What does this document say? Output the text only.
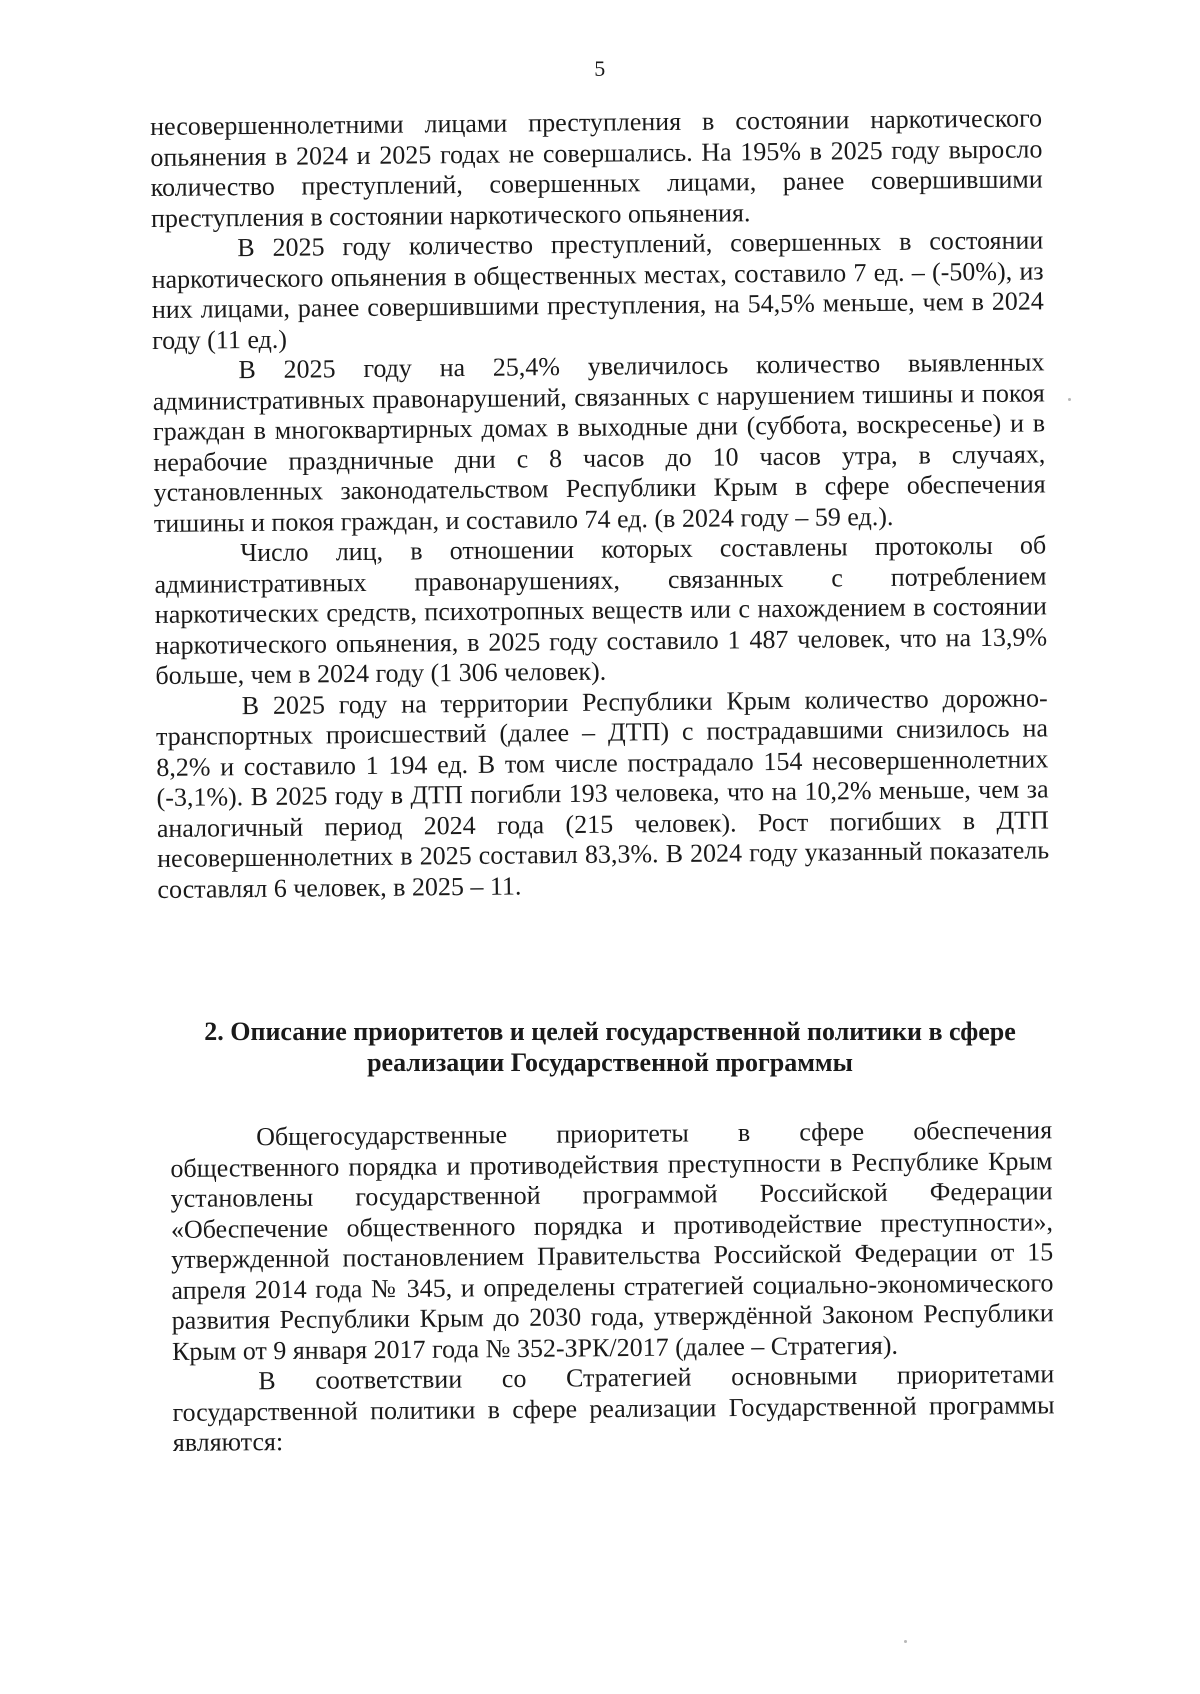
5

несовершеннолетними лицами преступления в состоянии наркотического опьянения в 2024 и 2025 годах не совершались. На 195% в 2025 году выросло количество преступлений, совершенных лицами, ранее совершившими преступления в состоянии наркотического опьянения.

В 2025 году количество преступлений, совершенных в состоянии наркотического опьянения в общественных местах, составило 7 ед. – (-50%), из них лицами, ранее совершившими преступления, на 54,5% меньше, чем в 2024 году (11 ед.)

В 2025 году на 25,4% увеличилось количество выявленных административных правонарушений, связанных с нарушением тишины и покоя граждан в многоквартирных домах в выходные дни (суббота, воскресенье) и в нерабочие праздничные дни с 8 часов до 10 часов утра, в случаях, установленных законодательством Республики Крым в сфере обеспечения тишины и покоя граждан, и составило 74 ед. (в 2024 году – 59 ед.).

Число лиц, в отношении которых составлены протоколы об административных правонарушениях, связанных с потреблением наркотических средств, психотропных веществ или с нахождением в состоянии наркотического опьянения, в 2025 году составило 1 487 человек, что на 13,9% больше, чем в 2024 году (1 306 человек).

В 2025 году на территории Республики Крым количество дорожно-транспортных происшествий (далее – ДТП) с пострадавшими снизилось на 8,2% и составило 1 194 ед. В том числе пострадало 154 несовершеннолетних (-3,1%). В 2025 году в ДТП погибли 193 человека, что на 10,2% меньше, чем за аналогичный период 2024 года (215 человек). Рост погибших в ДТП несовершеннолетних в 2025 составил 83,3%. В 2024 году указанный показатель составлял 6 человек, в 2025 – 11.

2. Описание приоритетов и целей государственной политики в сфере
реализации Государственной программы

Общегосударственные приоритеты в сфере обеспечения общественного порядка и противодействия преступности в Республике Крым установлены государственной программой Российской Федерации «Обеспечение общественного порядка и противодействие преступности», утвержденной постановлением Правительства Российской Федерации от 15 апреля 2014 года № 345, и определены стратегией социально-экономического развития Республики Крым до 2030 года, утверждённой Законом Республики Крым от 9 января 2017 года № 352-ЗРК/2017 (далее – Стратегия).

В соответствии со Стратегией основными приоритетами государственной политики в сфере реализации Государственной программы являются:
